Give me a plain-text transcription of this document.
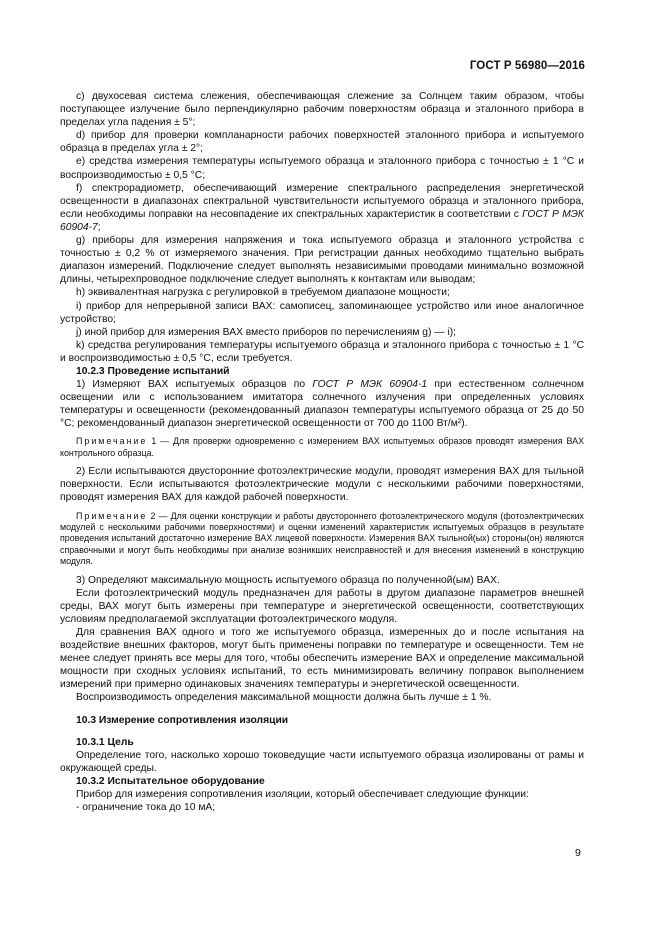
ГОСТ Р 56980—2016

c) двухосевая система слежения, обеспечивающая слежение за Солнцем таким образом, чтобы поступающее излучение было перпендикулярно рабочим поверхностям образца и эталонного прибора в пределах угла падения ± 5°;

d) прибор для проверки компланарности рабочих поверхностей эталонного прибора и испытуемого образца в пределах угла ± 2°;

e) средства измерения температуры испытуемого образца и эталонного прибора с точностью ± 1 °С и воспроизводимостью ± 0,5 °С;

f) спектрорадиометр, обеспечивающий измерение спектрального распределения энергетической освещенности в диапазонах спектральной чувствительности испытуемого образца и эталонного прибора, если необходимы поправки на несовпадение их спектральных характеристик в соответствии с ГОСТ Р МЭК 60904-7;

g) приборы для измерения напряжения и тока испытуемого образца и эталонного устройства с точностью ± 0,2 % от измеряемого значения. При регистрации данных необходимо тщательно выбрать диапазон измерений. Подключение следует выполнять независимыми проводами минимально возможной длины, четырехпроводное подключение следует выполнять к контактам или выводам;

h) эквивалентная нагрузка с регулировкой в требуемом диапазоне мощности;

i) прибор для непрерывной записи ВАХ: самописец, запоминающее устройство или иное аналогичное устройство;

j) иной прибор для измерения ВАХ вместо приборов по перечислениям g) — i);

k) средства регулирования температуры испытуемого образца и эталонного прибора с точностью ± 1 °С и воспроизводимостью ± 0,5 °С, если требуется.

10.2.3 Проведение испытаний

1) Измеряют ВАХ испытуемых образцов по ГОСТ Р МЭК 60904-1 при естественном солнечном освещении или с использованием имитатора солнечного излучения при определенных условиях температуры и освещенности (рекомендованный диапазон температуры испытуемого образца от 25 до 50 °С; рекомендованный диапазон энергетической освещенности от 700 до 1100 Вт/м²).

Примечание 1 — Для проверки одновременно с измерением ВАХ испытуемых образов проводят измерения ВАХ контрольного образца.

2) Если испытываются двусторонние фотоэлектрические модули, проводят измерения ВАХ для тыльной поверхности. Если испытываются фотоэлектрические модули с несколькими рабочими поверхностями, проводят измерения ВАХ для каждой рабочей поверхности.

Примечание 2 — Для оценки конструкции и работы двустороннего фотоэлектрического модуля (фотоэлектрических модулей с несколькими рабочими поверхностями) и оценки изменений характеристик испытуемых образцов в результате проведения испытаний достаточно измерение ВАХ лицевой поверхности. Измерения ВАХ тыльной(ых) стороны(он) являются справочными и могут быть необходимы при анализе возникших неисправностей и для внесения изменений в конструкцию модуля.

3) Определяют максимальную мощность испытуемого образца по полученной(ым) ВАХ.

Если фотоэлектрический модуль предназначен для работы в другом диапазоне параметров внешней среды, ВАХ могут быть измерены при температуре и энергетической освещенности, соответствующих условиям предполагаемой эксплуатации фотоэлектрического модуля.

Для сравнения ВАХ одного и того же испытуемого образца, измеренных до и после испытания на воздействие внешних факторов, могут быть применены поправки по температуре и освещенности. Тем не менее следует принять все меры для того, чтобы обеспечить измерение ВАХ и определение максимальной мощности при сходных условиях испытаний, то есть минимизировать величину поправок выполнением измерений при примерно одинаковых значениях температуры и энергетической освещенности.

Воспроизводимость определения максимальной мощности должна быть лучше ± 1 %.

10.3 Измерение сопротивления изоляции

10.3.1 Цель

Определение того, насколько хорошо токоведущие части испытуемого образца изолированы от рамы и окружающей среды.

10.3.2 Испытательное оборудование

Прибор для измерения сопротивления изоляции, который обеспечивает следующие функции:

- ограничение тока до 10 мА;

9
